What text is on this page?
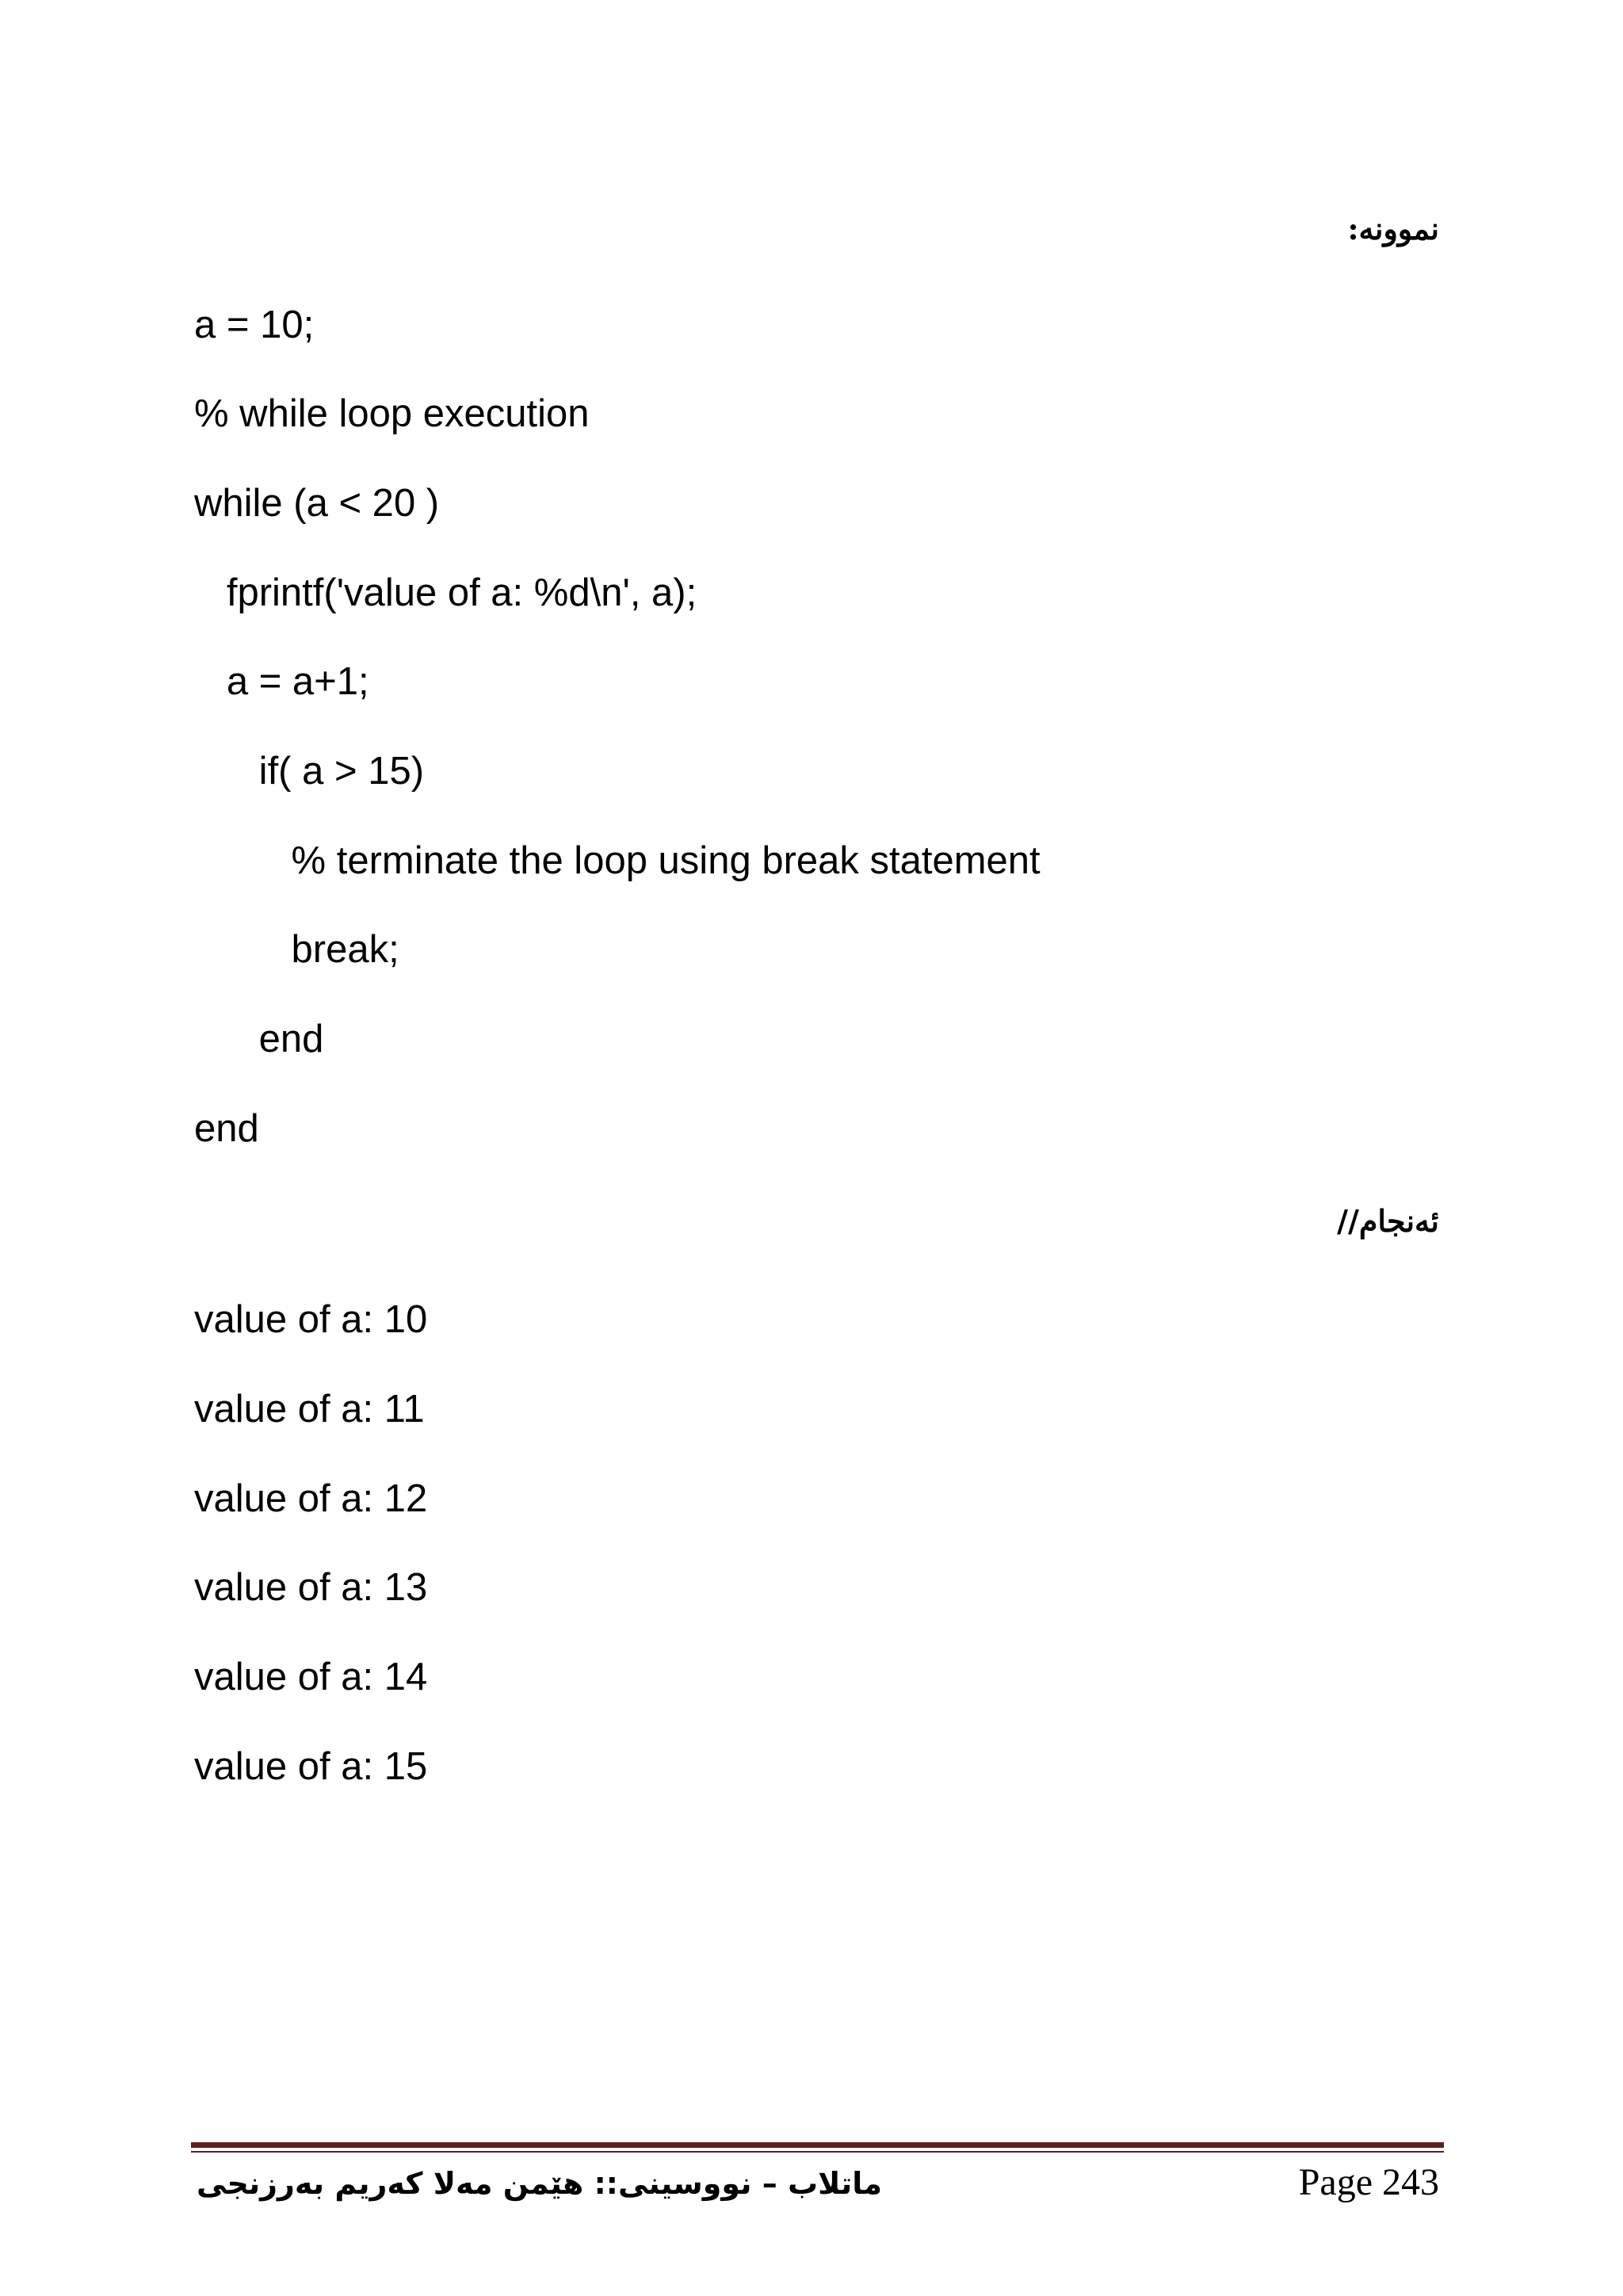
نموونه:
a = 10;
% while loop execution
while (a < 20 )
fprintf('value of a: %d\n', a);
a = a+1;
if( a > 15)
% terminate the loop using break statement
break;
end
end
ئەنجام//
value of a: 10
value of a: 11
value of a: 12
value of a: 13
value of a: 14
value of a: 15
ماتلاب – نووسینی:: هێمن مەلا کەریم بەرزنجی	Page 243
